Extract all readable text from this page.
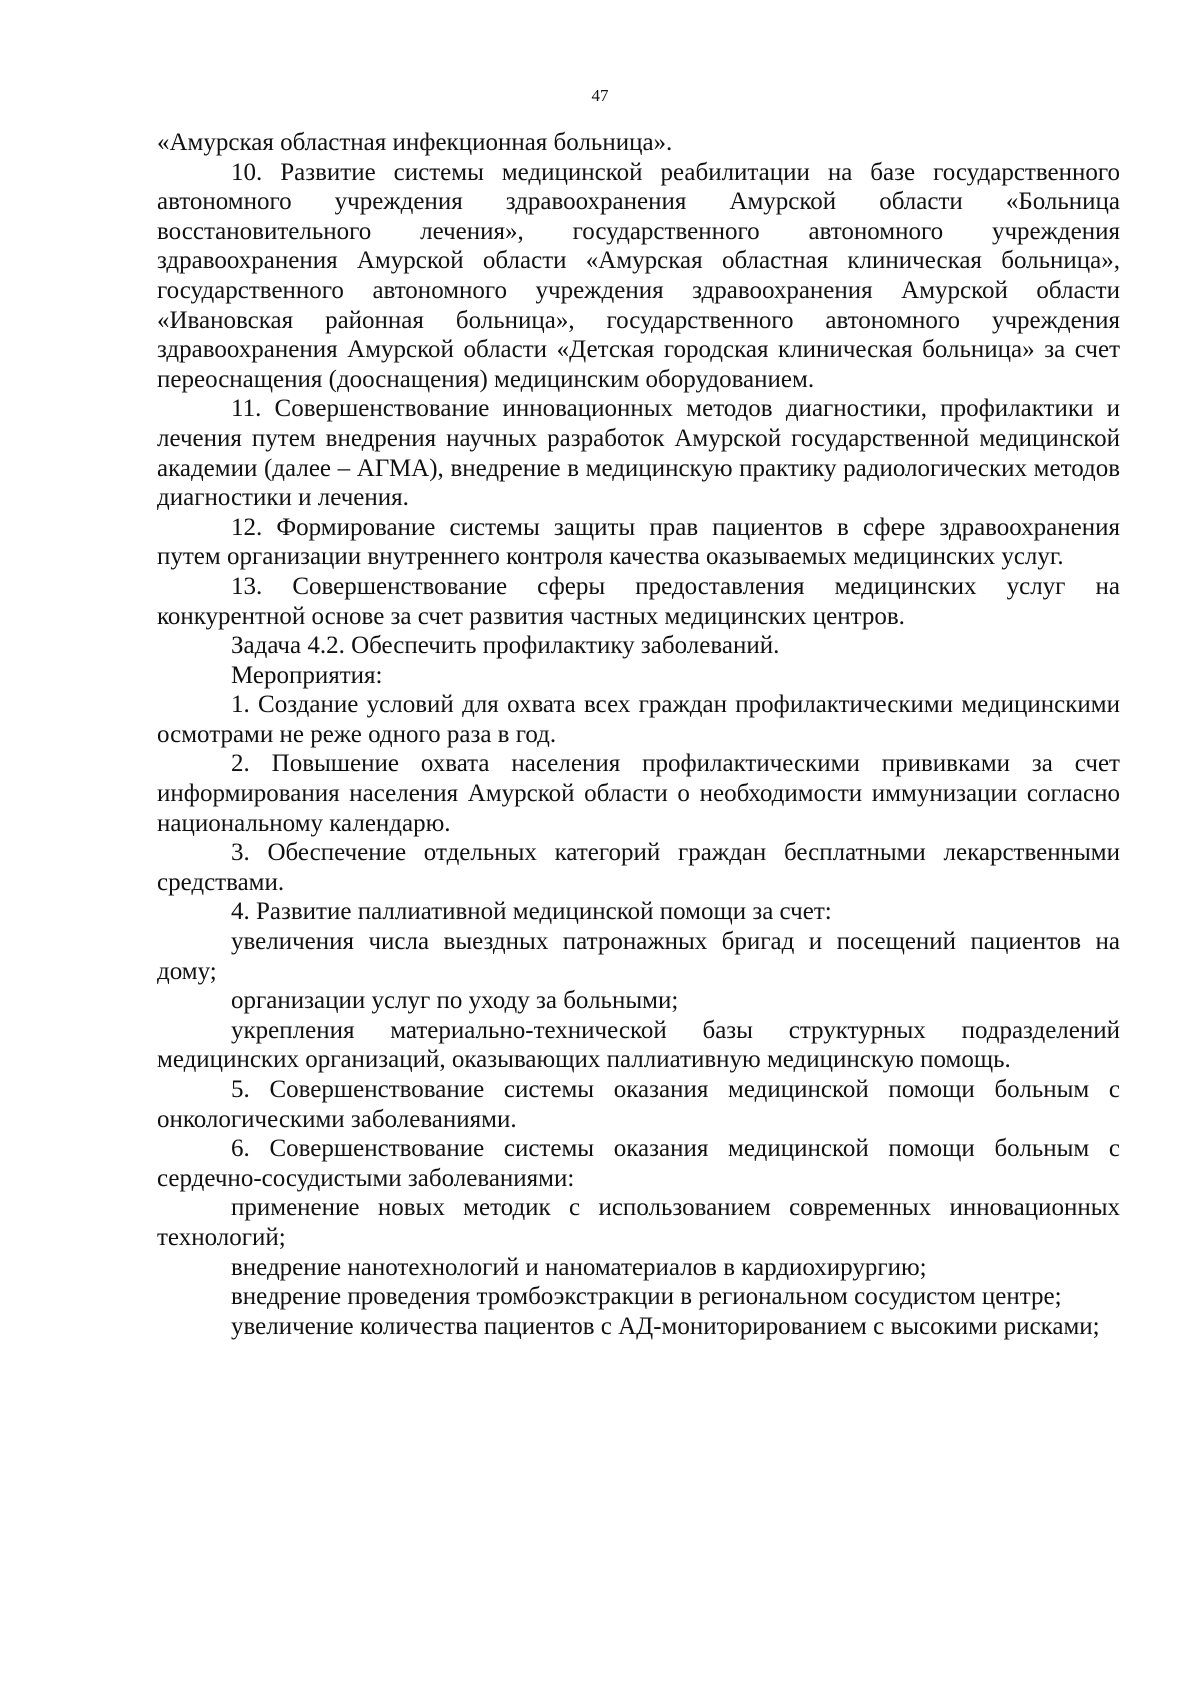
47

«Амурская областная инфекционная больница».

10. Развитие системы медицинской реабилитации на базе государственного автономного учреждения здравоохранения Амурской области «Больница восстановительного лечения», государственного автономного учреждения здравоохранения Амурской области «Амурская областная клиническая больница», государственного автономного учреждения здравоохранения Амурской области «Ивановская районная больница», государственного автономного учреждения здравоохранения Амурской области «Детская городская клиническая больница» за счет переоснащения (дооснащения) медицинским оборудованием.

11. Совершенствование инновационных методов диагностики, профилактики и лечения путем внедрения научных разработок Амурской государственной медицинской академии (далее – АГМА), внедрение в медицинскую практику радиологических методов диагностики и лечения.

12. Формирование системы защиты прав пациентов в сфере здравоохранения путем организации внутреннего контроля качества оказываемых медицинских услуг.

13. Совершенствование сферы предоставления медицинских услуг на конкурентной основе за счет развития частных медицинских центров.

Задача 4.2. Обеспечить профилактику заболеваний.

Мероприятия:

1. Создание условий для охвата всех граждан профилактическими медицинскими осмотрами не реже одного раза в год.

2. Повышение охвата населения профилактическими прививками за счет информирования населения Амурской области о необходимости иммунизации согласно национальному календарю.

3. Обеспечение отдельных категорий граждан бесплатными лекарственными средствами.

4. Развитие паллиативной медицинской помощи за счет:

увеличения числа выездных патронажных бригад и посещений пациентов на дому;

организации услуг по уходу за больными;

укрепления материально-технической базы структурных подразделений медицинских организаций, оказывающих паллиативную медицинскую помощь.

5. Совершенствование системы оказания медицинской помощи больным с онкологическими заболеваниями.

6. Совершенствование системы оказания медицинской помощи больным с сердечно-сосудистыми заболеваниями:

применение новых методик с использованием современных инновационных технологий;

внедрение нанотехнологий и наноматериалов в кардиохирургию;

внедрение проведения тромбоэкстракции в региональном сосудистом центре;

увеличение количества пациентов с АД-мониторированием с высокими рисками;
